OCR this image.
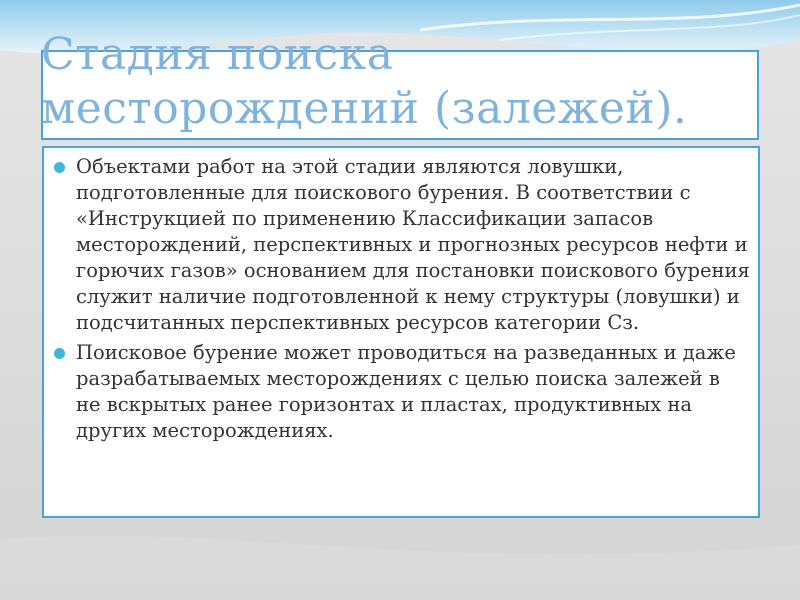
Стадия поиска месторождений (залежей).
Объектами работ на этой стадии являются ловушки, подготовленные для поискового бурения. В соответствии с «Инструкцией по применению Классификации запасов месторождений, перспективных и прогнозных ресурсов нефти и горючих газов» основанием для постановки поискового бурения служит наличие подготовленной к нему структуры (ловушки) и подсчитанных перспективных ресурсов категории Сз.
Поисковое бурение может проводиться на разведанных и даже разрабатываемых месторождениях с целью поиска залежей в не вскрытых ранее горизонтах и пластах, продуктивных на других месторождениях.
